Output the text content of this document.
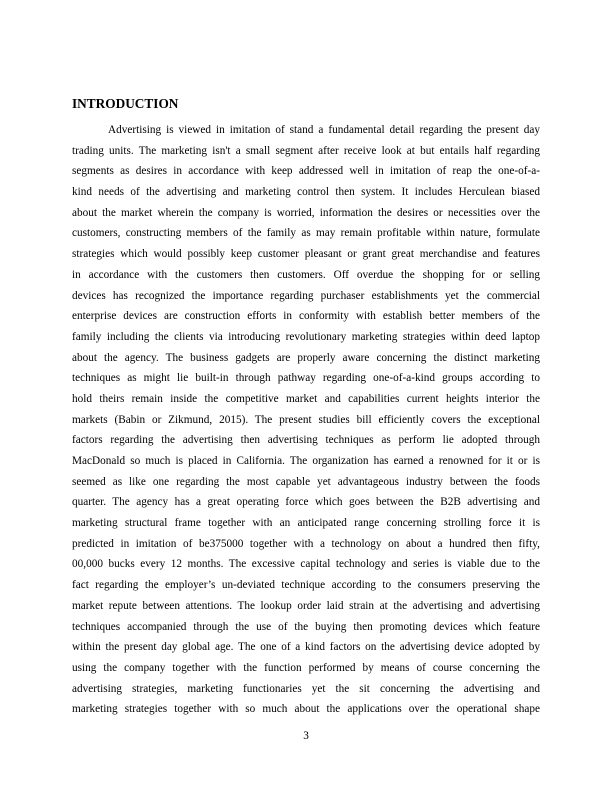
INTRODUCTION
Advertising is viewed in imitation of stand a fundamental detail regarding the present day
trading units. The marketing isn't a small segment after receive look at but entails half regarding
segments as desires in accordance with keep addressed well in imitation of reap the one-of-a-
kind needs of the advertising and marketing control then system. It includes Herculean biased
about the market wherein the company is worried, information the desires or necessities over the
customers, constructing members of the family as may remain profitable within nature, formulate
strategies which would possibly keep customer pleasant or grant great merchandise and features
in accordance with the customers then customers. Off overdue the shopping for or selling
devices has recognized the importance regarding purchaser establishments yet the commercial
enterprise devices are construction efforts in conformity with establish better members of the
family including the clients via introducing revolutionary marketing strategies within deed laptop
about the agency. The business gadgets are properly aware concerning the distinct marketing
techniques as might lie built-in through pathway regarding one-of-a-kind groups according to
hold theirs remain inside the competitive market and capabilities current heights interior the
markets (Babin or Zikmund, 2015). The present studies bill efficiently covers the exceptional
factors regarding the advertising then advertising techniques as perform lie adopted through
MacDonald so much is placed in California. The organization has earned a renowned for it or is
seemed as like one regarding the most capable yet advantageous industry between the foods
quarter. The agency has a great operating force which goes between the B2B advertising and
marketing structural frame together with an anticipated range concerning strolling force it is
predicted in imitation of be375000 together with a technology on about a hundred then fifty,
00,000 bucks every 12 months. The excessive capital technology and series is viable due to the
fact regarding the employer’s un-deviated technique according to the consumers preserving the
market repute between attentions. The lookup order laid strain at the advertising and advertising
techniques accompanied through the use of the buying then promoting devices which feature
within the present day global age. The one of a kind factors on the advertising device adopted by
using the company together with the function performed by means of course concerning the
advertising strategies, marketing functionaries yet the sit concerning the advertising and
marketing strategies together with so much about the applications over the operational shape
3
